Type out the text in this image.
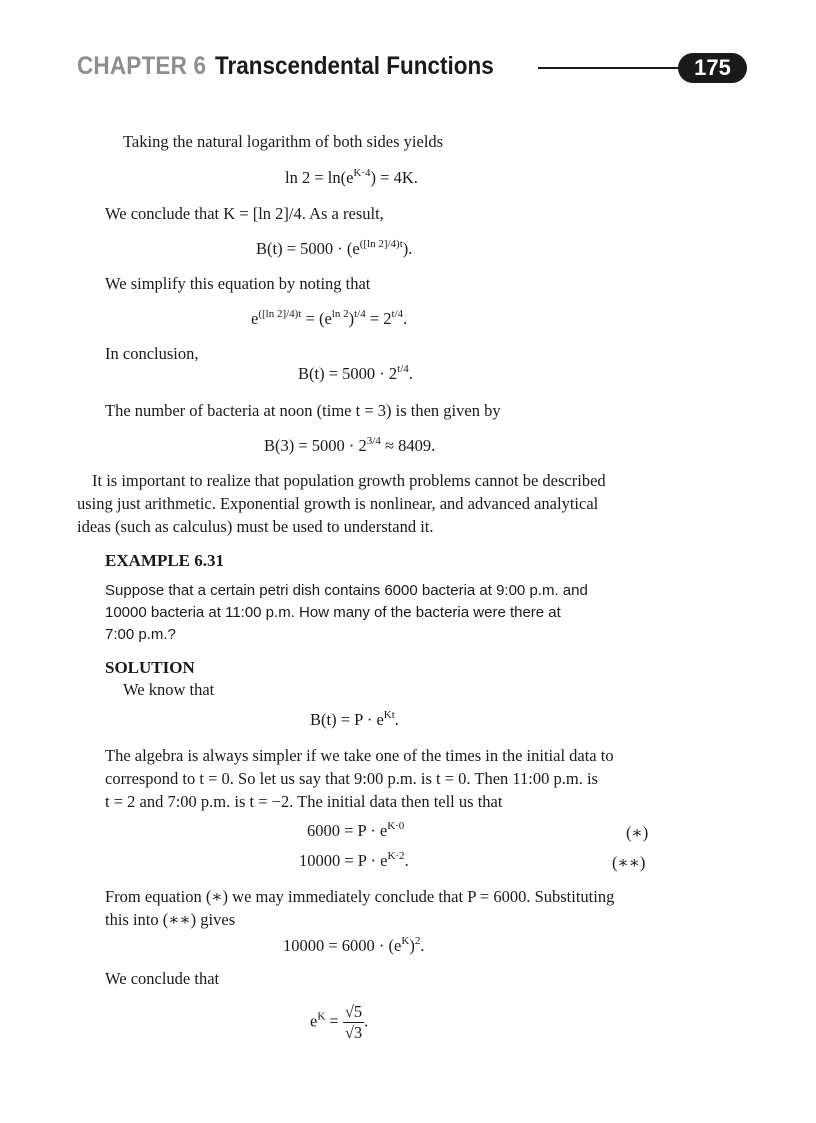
CHAPTER 6 Transcendental Functions	175
Taking the natural logarithm of both sides yields
$\ln 2 = \ln(e^{K\cdot 4}) = 4K$.
We conclude that K = [ln 2]/4. As a result,
$B(t) = 5000 \cdot (e^{([ln 2]/4)t})$.
We simplify this equation by noting that
$e^{([ln 2]/4)t} = (e^{ln 2})^{t/4} = 2^{t/4}$.
In conclusion,
$B(t) = 5000 \cdot 2^{t/4}$.
The number of bacteria at noon (time t = 3) is then given by
$B(3) = 5000 \cdot 2^{3/4} \approx 8409$.
It is important to realize that population growth problems cannot be described
using just arithmetic. Exponential growth is nonlinear, and advanced analytical
ideas (such as calculus) must be used to understand it.
EXAMPLE 6.31
Suppose that a certain petri dish contains 6000 bacteria at 9:00 p.m. and
10000 bacteria at 11:00 p.m. How many of the bacteria were there at
7:00 p.m.?
SOLUTION
We know that
$B(t) = P \cdot e^{Kt}$.
The algebra is always simpler if we take one of the times in the initial data to
correspond to t = 0. So let us say that 9:00 p.m. is t = 0. Then 11:00 p.m. is
t = 2 and 7:00 p.m. is t = −2. The initial data then tell us that
$6000 = P \cdot e^{K\cdot 0}$	(∗)
$10000 = P \cdot e^{K\cdot 2}$.	(∗∗)
From equation (∗) we may immediately conclude that P = 6000. Substituting
this into (∗∗) gives
$10000 = 6000 \cdot (e^K)^2$.
We conclude that
$e^K = \frac{√5}{√3}$ .
